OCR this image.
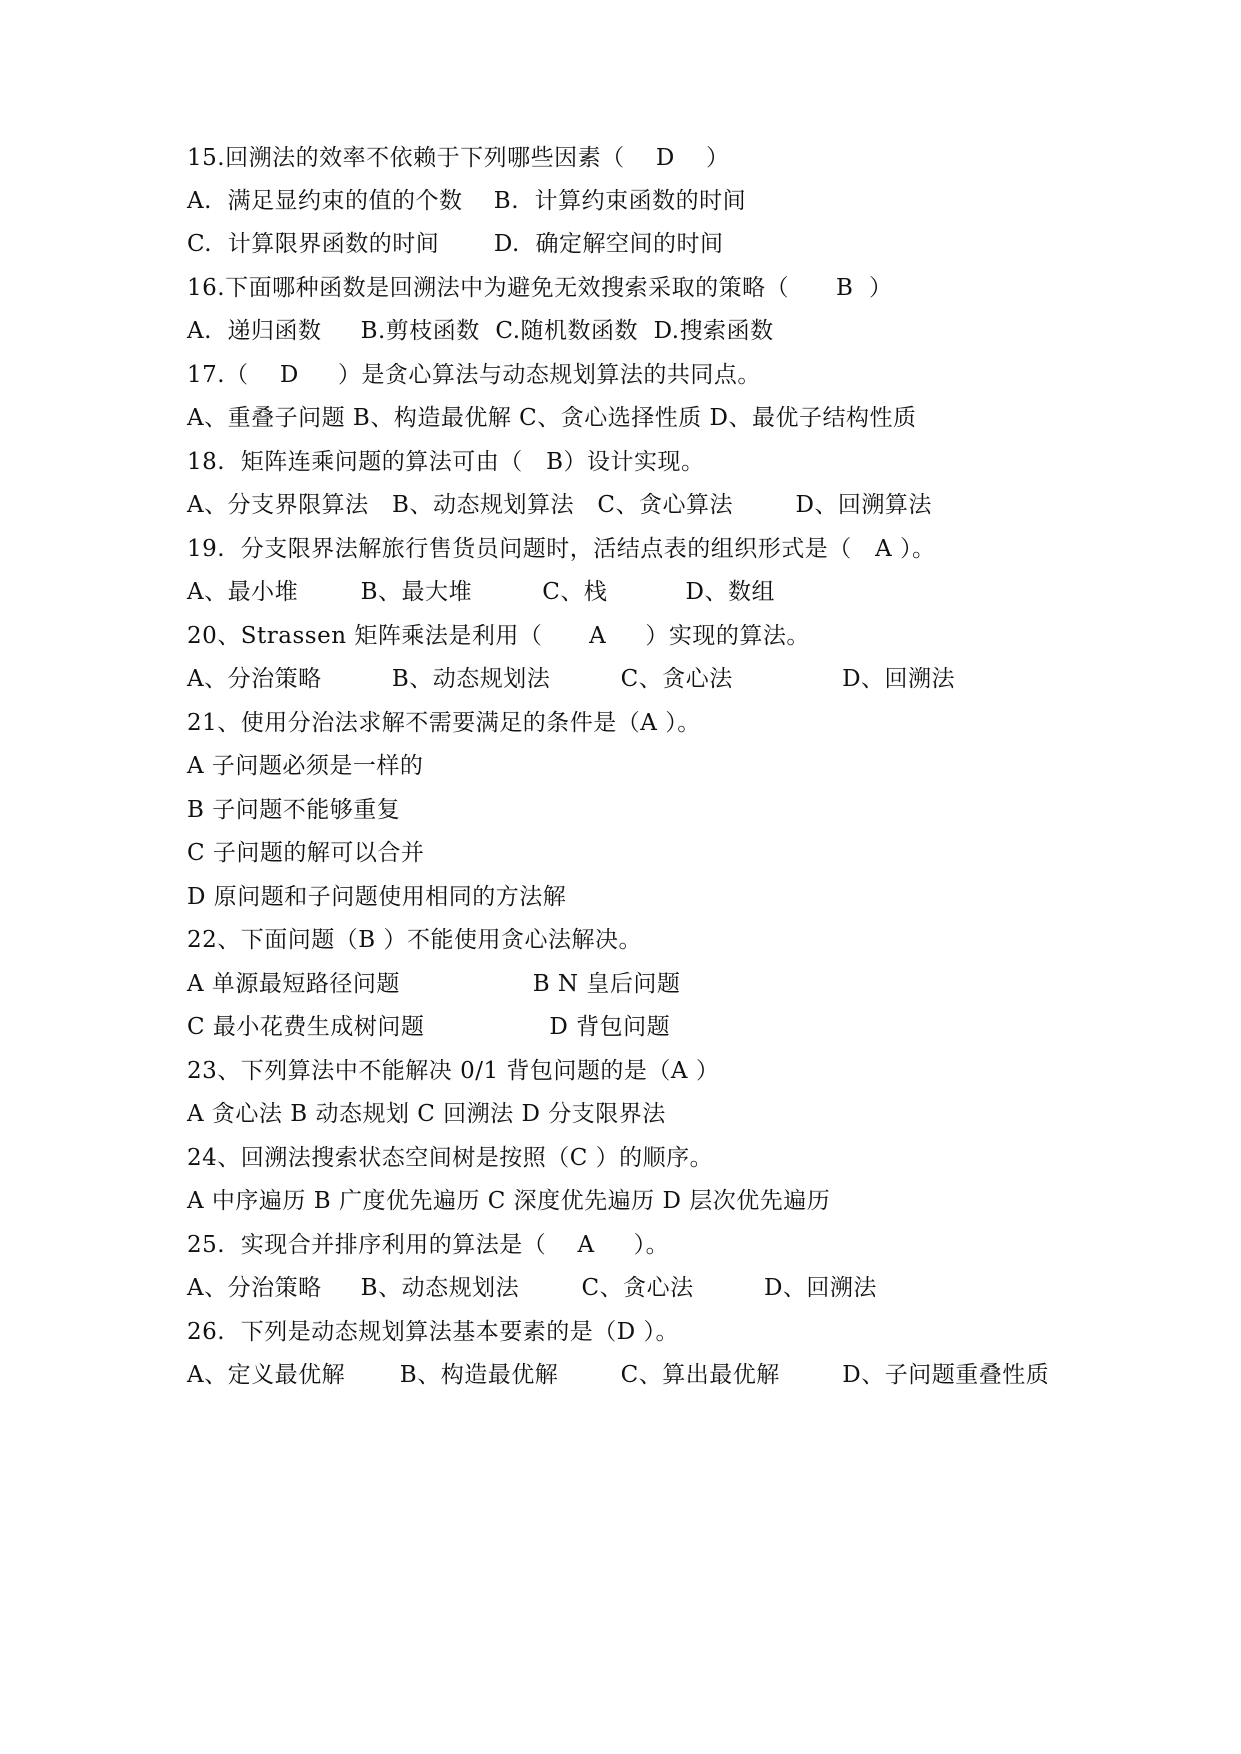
15.回溯法的效率不依赖于下列哪些因素（    D    ）
A.  满足显约束的值的个数    B.  计算约束函数的时间
C.  计算限界函数的时间       D.  确定解空间的时间
16.下面哪种函数是回溯法中为避免无效搜索采取的策略（      B  ）
A.  递归函数     B.剪枝函数  C.随机数函数  D.搜索函数
17.（    D     ）是贪心算法与动态规划算法的共同点。
A、重叠子问题 B、构造最优解 C、贪心选择性质 D、最优子结构性质
18.  矩阵连乘问题的算法可由（   B）设计实现。
A、分支界限算法   B、动态规划算法   C、贪心算法        D、回溯算法
19.  分支限界法解旅行售货员问题时，活结点表的组织形式是（   A ）。
A、最小堆        B、最大堆         C、栈          D、数组
20、Strassen 矩阵乘法是利用（      A     ）实现的算法。
A、分治策略         B、动态规划法         C、贪心法              D、回溯法
21、使用分治法求解不需要满足的条件是（A ）。
A 子问题必须是一样的
B 子问题不能够重复
C 子问题的解可以合并
D 原问题和子问题使用相同的方法解
22、下面问题（B ）不能使用贪心法解决。
A 单源最短路径问题                 B N 皇后问题
C 最小花费生成树问题                D 背包问题
23、下列算法中不能解决 0/1 背包问题的是（A ）
A 贪心法 B 动态规划 C 回溯法 D 分支限界法
24、回溯法搜索状态空间树是按照（C ）的顺序。
A 中序遍历 B 广度优先遍历 C 深度优先遍历 D 层次优先遍历
25.  实现合并排序利用的算法是（    A     ）。
A、分治策略     B、动态规划法        C、贪心法         D、回溯法
26.  下列是动态规划算法基本要素的是（D ）。
A、定义最优解       B、构造最优解        C、算出最优解        D、子问题重叠性质
